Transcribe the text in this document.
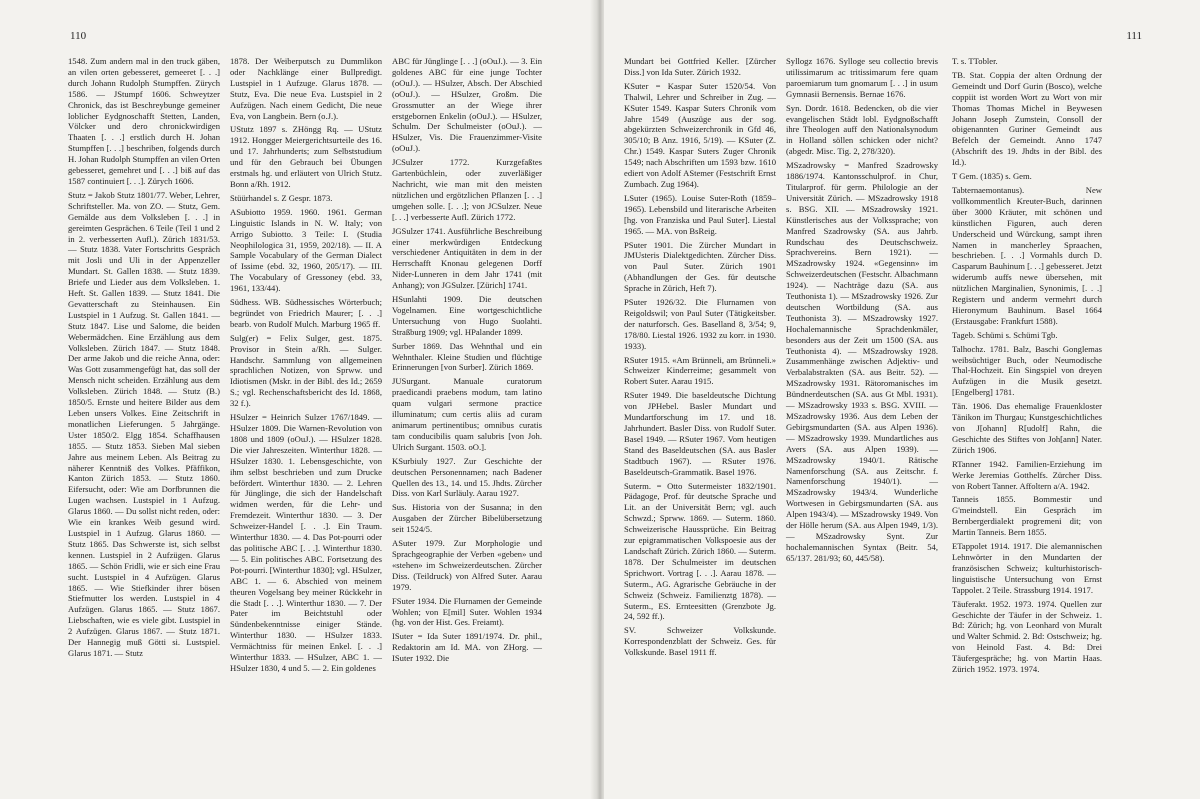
110

1548. Zum andern mal in den truck gäben, an vilen orten gebesseret, gemeeret [. . .] durch Johann Rudolph Stumpffen. Zürych 1586. — JStumpf 1606. Schweytzer Chronick, das ist Beschreybunge gemeiner loblicher Eydgnoschafft Stetten, Landen, Völcker und dero chronickwirdigen Thaaten [. . .] erstlich durch H. Johan Stumpffen [. . .] beschriben, folgends durch H. Johan Rudolph Stumpffen an vilen Orten gebesseret, gemehret und [. . .] biß auf das 1587 continuiert [. . .]. Zürych 1606.

Stutz = Jakob Stutz 1801/77. Weber, Lehrer, Schriftsteller. Ma. von ZO. — Stutz, Gem. Gemälde aus dem Volksleben [. . .] in gereimten Gesprächen. 6 Teile (Teil 1 und 2 in 2. verbesserten Aufl.). Zürich 1831/53. — Stutz 1838. Vater Fortschritts Gespräch mit Josli und Uli in der Appenzeller Mundart. St. Gallen 1838. — Stutz 1839. Briefe und Lieder aus dem Volksleben. 1. Heft. St. Gallen 1839. — Stutz 1841. Die Gevatterschaft zu Steinhausen. Ein Lustspiel in 1 Aufzug. St. Gallen 1841. — Stutz 1847. Lise und Salome, die beiden Webermädchen. Eine Erzählung aus dem Volksleben. Zürich 1847. — Stutz 1848. Der arme Jakob und die reiche Anna, oder: Was Gott zusammengefügt hat, das soll der Mensch nicht scheiden. Erzählung aus dem Volksleben. Zürich 1848. — Stutz (B.) 1850/5. Ernste und heitere Bilder aus dem Leben unsers Volkes. Eine Zeitschrift in monatlichen Lieferungen. 5 Jahrgänge. Uster 1850/2. Elgg 1854. Schaffhausen 1855. — Stutz 1853. Sieben Mal sieben Jahre aus meinem Leben. Als Beitrag zu näherer Kenntniß des Volkes. Pfäffikon, Kanton Zürich 1853. — Stutz 1860. Eifersucht, oder: Wie am Dorfbrunnen die Lugen wachsen. Lustspiel in 1 Aufzug. Glarus 1860. — Du sollst nicht reden, oder: Wie ein krankes Weib gesund wird. Lustspiel in 1 Aufzug. Glarus 1860. — Stutz 1865. Das Schwerste ist, sich selbst kennen. Lustspiel in 2 Aufzügen. Glarus 1865. — Schön Fridli, wie er sich eine Frau sucht. Lustspiel in 4 Aufzügen. Glarus 1865. — Wie Stiefkinder ihrer bösen Stiefmutter los werden. Lustspiel in 4 Aufzügen. Glarus 1865. — Stutz 1867. Liebschaften, wie es viele gibt. Lustspiel in 2 Aufzügen. Glarus 1867. — Stutz 1871. Der Hannegig muß Götti si. Lustspiel. Glarus 1871. — Stutz

1878. Der Weiberputsch zu Dummlikon oder Nachklänge einer Bullpredigt. Lustspiel in 1 Aufzuge. Glarus 1878. — Stutz, Eva. Die neue Eva. Lustspiel in 2 Aufzügen. Nach einem Gedicht, Die neue Eva, von Langbein. Bern (o.J.).

UStutz 1897 s. ZHöngg Rq. — UStutz 1912. Hongger Meiergerichtsurteile des 16. und 17. Jahrhunderts; zum Selbststudium und für den Gebrauch bei Übungen erstmals hg. und erläutert von Ulrich Stutz. Bonn a/Rh. 1912.

Stüürhandel s. Z Gespr. 1873.

ASubiotto 1959. 1960. 1961. German Linguistic Islands in N. W. Italy; von Arrigo Subiotto. 3 Teile: I. (Studia Neophilologica 31, 1959, 202/18). — II. A Sample Vocabulary of the German Dialect of Issime (ebd. 32, 1960, 205/17). — III. The Vocabulary of Gressoney (ebd. 33, 1961, 133/44).

Südhess. WB. Südhessisches Wörterbuch; begründet von Friedrich Maurer; [. . .] bearb. von Rudolf Mulch. Marburg 1965 ff.

Sulg(er) = Felix Sulger, gest. 1875. Provisor in Stein a/Rh. — Sulger. Handschr. Sammlung von allgemeinen sprachlichen Notizen, von Sprww. und Idiotismen (Mskr. in der Bibl. des Id.; 2659 S.; vgl. Rechenschaftsbericht des Id. 1868, 32 f.).

HSulzer = Heinrich Sulzer 1767/1849. — HSulzer 1809. Die Warnen-Revolution von 1808 und 1809 (oOuJ.). — HSulzer 1828. Die vier Jahreszeiten. Winterthur 1828. — HSulzer 1830. 1. Lebensgeschichte, von ihm selbst beschrieben und zum Drucke befördert. Winterthur 1830. — 2. Lehren für Jünglinge, die sich der Handelschaft widmen werden, für die Lehr- und Fremdezeit. Winterthur 1830. — 3. Der Schweizer-Handel [. . .]. Ein Traum. Winterthur 1830. — 4. Das Pot-pourri oder das politische ABC [. . .]. Winterthur 1830. — 5. Ein politisches ABC. Fortsetzung des Pot-pourri. [Winterthur 1830]; vgl. HSulzer, ABC 1. — 6. Abschied von meinem theuren Vogelsang bey meiner Rückkehr in die Stadt [. . .]. Winterthur 1830. — 7. Der Pater im Beichtstuhl oder Sündenbekenntnisse einiger Stände. Winterthur 1830. — HSulzer 1833. Vermächtniss für meinen Enkel. [. . .] Winterthur 1833. — HSulzer, ABC 1. — HSulzer 1830, 4 und 5. — 2. Ein goldenes

ABC für Jünglinge [. . .] (oOuJ.). — 3. Ein goldenes ABC für eine junge Tochter (oOuJ.). — HSulzer, Absch. Der Abschied (oOuJ.). — HSulzer, Großm. Die Grossmutter an der Wiege ihrer erstgebornen Enkelin (oOuJ.). — HSulzer, Schulm. Der Schulmeister (oOuJ.). — HSulzer, Vis. Die Frauenzimmer-Visite (oOuJ.).

JCSulzer 1772. Kurzgefaßtes Gartenbüchlein, oder zuverläßiger Nachricht, wie man mit den meisten nützlichen und ergötzlichen Pflanzen [. . .] umgehen solle. [. . .]; von JCSulzer. Neue [. . .] verbesserte Aufl. Zürich 1772.

JGSulzer 1741. Ausführliche Beschreibung einer merkwürdigen Entdeckung verschiedener Antiquitäten in dem in der Herrschafft Knonau gelegenen Dorff Nider-Lunneren in dem Jahr 1741 (mit Anhang); von JGSulzer. [Zürich] 1741.

HSunlahti 1909. Die deutschen Vogelnamen. Eine wortgeschichtliche Untersuchung von Hugo Suolahti. Straßburg 1909; vgl. HPalander 1899.

Surber 1869. Das Wehnthal und ein Wehnthaler. Kleine Studien und flüchtige Erinnerungen [von Surber]. Zürich 1869.

JUSurgant. Manuale curatorum praedicandi praebens modum, tam latino quam vulgari sermone practice illuminatum; cum certis aliis ad curam animarum pertinentibus; omnibus curatis tam conducibilis quam salubris [von Joh. Ulrich Surgant. 1503. oO.].

KSurbiuly 1927. Zur Geschichte der deutschen Personennamen; nach Badener Quellen des 13., 14. und 15. Jhdts. Zürcher Diss. von Karl Surläuly. Aarau 1927.

Sus. Historia von der Susanna; in den Ausgaben der Zürcher Bibelübersetzung seit 1524/5.

ASuter 1979. Zur Morphologie und Sprachgeographie der Verben «geben» und «stehen» im Schweizerdeutschen. Zürcher Diss. (Teildruck) von Alfred Suter. Aarau 1979.

FSuter 1934. Die Flurnamen der Gemeinde Wohlen; von E[mil] Suter. Wohlen 1934 (hg. von der Hist. Ges. Freiamt).

ISuter = Ida Suter 1891/1974. Dr. phil., Redaktorin am Id. MA. von ZHorg. — ISuter 1932. Die

111

Mundart bei Gottfried Keller. [Zürcher Diss.] von Ida Suter. Zürich 1932.

KSuter = Kaspar Suter 1520/54. Von Thalwil, Lehrer und Schreiber in Zug. — KSuter 1549. Kaspar Suters Chronik vom Jahre 1549 (Auszüge aus der sog. abgekürzten Schweizerchronik in Gfd 46, 305/10; B Anz. 1916, 5/19). — KSuter (Z. Chr.) 1549. Kaspar Suters Zuger Chronik 1549; nach Abschriften um 1593 bzw. 1610 ediert von Adolf AStemer (Festschrift Ernst Zumbach. Zug 1964).

LSuter (1965). Louise Suter-Roth (1859–1965). Lebensbild und literarische Arbeiten [hg. von Franziska und Paul Suter]. Liestal 1965. — MA. von BsReig.

PSuter 1901. Die Zürcher Mundart in JMUsteris Dialektgedichten. Zürcher Diss. von Paul Suter. Zürich 1901 (Abhandlungen der Ges. für deutsche Sprache in Zürich, Heft 7).

PSuter 1926/32. Die Flurnamen von Reigoldswil; von Paul Suter (Tätigkeitsber. der naturforsch. Ges. Baselland 8, 3/54; 9, 178/80. Liestal 1926. 1932 zu korr. in 1930. 1933).

RSuter 1915. «Am Brünneli, am Brünneli.» Schweizer Kinderreime; gesammelt von Robert Suter. Aarau 1915.

RSuter 1949. Die baseldeutsche Dichtung von JPHebel. Basler Mundart und Mundartforschung im 17. und 18. Jahrhundert. Basler Diss. von Rudolf Suter. Basel 1949. — RSuter 1967. Vom heutigen Stand des Baseldeutschen (SA. aus Basler Stadtbuch 1967). — RSuter 1976. Baseldeutsch-Grammatik. Basel 1976.

Suterm. = Otto Sutermeister 1832/1901. Pädagoge, Prof. für deutsche Sprache und Lit. an der Universität Bern; vgl. auch Schwzd.; Sprww. 1869. — Suterm. 1860. Schweizerische Haussprüche. Ein Beitrag zur epigrammatischen Volkspoesie aus der Landschaft Zürich. Zürich 1860. — Suterm. 1878. Der Schulmeister im deutschen Sprichwort. Vortrag [. . .]. Aarau 1878. — Suterm., AG. Agrarische Gebräuche in der Schweiz (Schweiz. Familienztg 1878). — Suterm., ES. Ernteesitten (Grenzbote Jg. 24, 592 ff.).

SV. Schweizer Volkskunde. Korrespondenzblatt der Schweiz. Ges. für Volkskunde. Basel 1911 ff.

Syllogz 1676. Sylloge seu collectio brevis utilissimarum ac tritissimarum fere quam paroemiarum tum gnomarum [. . .] in usum Gymnasii Bernensis. Bernae 1676.

Syn. Dordr. 1618. Bedencken, ob die vier evangelischen Städt lobl. Eydgnoßschafft ihre Theologen auff den Nationalsynodum in Holland söllen schicken oder nicht? (abgedr. Misc. Tig. 2, 278/320).

MSzadrowsky = Manfred Szadrowsky 1886/1974. Kantonsschulprof. in Chur, Titularprof. für germ. Philologie an der Universität Zürich. — MSzadrowsky 1918 s. BSG. XII. — MSzadrowsky 1921. Künstlerisches aus der Volkssprache; von Manfred Szadrowsky (SA. aus Jahrb. Rundschau des Deutschschweiz. Sprachvereins. Bern 1921). — MSzadrowsky 1924. «Gegensinn» im Schweizerdeutschen (Festschr. Albachmann 1924). — Nachträge dazu (SA. aus Teuthonista 1). — MSzadrowsky 1926. Zur deutschen Wortbildung (SA. aus Teuthonista 3). — MSzadrowsky 1927. Hochalemannische Sprachdenkmäler, besonders aus der Zeit um 1500 (SA. aus Teuthonista 4). — MSzadrowsky 1928. Zusammenhänge zwischen Adjektiv- und Verbalabstrakten (SA. aus Beitr. 52). — MSzadrowsky 1931. Rätoromanisches im Bündnerdeutschen (SA. aus Gt Mbl. 1931). — MSzadrowsky 1933 s. BSG. XVIII. — MSzadrowsky 1936. Aus dem Leben der Gebirgsmundarten (SA. aus Alpen 1936). — MSzadrowsky 1939. Mundartliches aus Avers (SA. aus Alpen 1939). — MSzadrowsky 1940/1. Rätische Namenforschung (SA. aus Zeitschr. f. Namenforschung 1940/1). — MSzadrowsky 1943/4. Wunderliche Wortwesen in Gebirgsmundarten (SA. aus Alpen 1943/4). — MSzadrowsky 1949. Von der Hölle herum (SA. aus Alpen 1949, 1/3). — MSzadrowsky Synt. Zur hochalemannischen Syntax (Beitr. 54, 65/137. 281/93; 60, 445/58).

T. s. TTobler.

TB. Stat. Coppia der alten Ordnung der Gemeindt und Dorf Gurin (Bosco), welche coppiit ist worden Wort zu Wort von mir Thomas Thomas Michel in Beywesen Johann Joseph Zumstein, Consoll der obigenannten Guriner Gemeindt aus Befelch der Gemeindt. Anno 1747 (Abschrift des 19. Jhdts in der Bibl. des Id.).

T Gem. (1835) s. Gem.

Tabternaemontanus). New vollkommentlich Kreuter-Buch, darinnen über 3000 Kräuter, mit schönen und künstlichen Figuren, auch deren Underscheid und Würckung, sampt ihren Namen in mancherley Spraachen, beschrieben. [. . .] Vormahls durch D. Casparum Bauhinum [. . .] gebesseret. Jetzt widerumb auffs newe übersehen, mit nützlichen Marginalien, Synonimis, [. . .] Registern und anderm vermehrt durch Hieronymum Bauhinum. Basel 1664 (Erstausgabe: Frankfurt 1588).

Tageb. Schümi s. Schümi Tgb.

Talhochz. 1781. Balz, Baschi Gonglemas weibsüchtiger Buch, oder Neumodische Thal-Hochzeit. Ein Singspiel von dreyen Aufzügen in die Musik gesetzt. [Engelberg] 1781.

Tän. 1906. Das ehemalige Frauenkloster Tänikon im Thurgau; Kunstgeschichtliches von J[ohann] R[udolf] Rahn, die Geschichte des Stiftes von Joh[ann] Nater. Zürich 1906.

RTanner 1942. Familien-Erziehung im Werke Jeremias Gotthelfs. Zürcher Diss. von Robert Tanner. Affoltern a/A. 1942.

Tanneis 1855. Bommestir und G'meindstell. Ein Gespräch im Bernbergerdialekt progremeni dit; von Martin Tanneis. Bern 1855.

ETappolet 1914. 1917. Die alemannischen Lehnwörter in den Mundarten der französischen Schweiz; kulturhistorisch-linguistische Untersuchung von Ernst Tappolet. 2 Teile. Strassburg 1914. 1917.

Täuferakt. 1952. 1973. 1974. Quellen zur Geschichte der Täufer in der Schweiz. 1. Bd: Zürich; hg. von Leonhard von Muralt und Walter Schmid. 2. Bd: Ostschweiz; hg. von Heinold Fast. 4. Bd: Drei Täufergespräche; hg. von Martin Haas. Zürich 1952. 1973. 1974.
